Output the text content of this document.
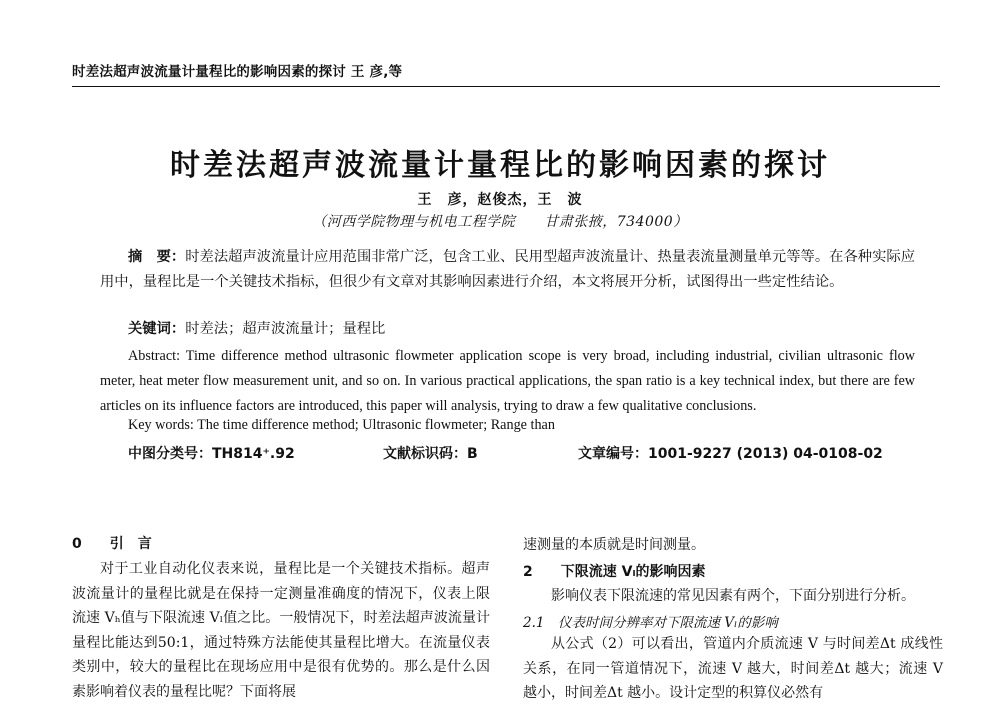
时差法超声波流量计量程比的影响因素的探讨 王 彦,等
时差法超声波流量计量程比的影响因素的探讨
王　彦，赵俊杰，王　波
（河西学院物理与机电工程学院　　甘肃张掖，734000）
摘　要：时差法超声波流量计应用范围非常广泛，包含工业、民用型超声波流量计、热量表流量测量单元等等。在各种实际应用中，量程比是一个关键技术指标，但很少有文章对其影响因素进行介绍，本文将展开分析，试图得出一些定性结论。
关键词：时差法；超声波流量计；量程比
Abstract: Time difference method ultrasonic flowmeter application scope is very broad, including industrial, civilian ultrasonic flow meter, heat meter flow measurement unit, and so on. In various practical applications, the span ratio is a key technical index, but there are few articles on its influence factors are introduced, this paper will analysis, trying to draw a few qualitative conclusions.
Key words: The time difference method; Ultrasonic flowmeter; Range than
中图分类号：TH814⁺.92	文献标识码：B	文章编号：1001-9227 (2013) 04-0108-02
0　　引　言
对于工业自动化仪表来说，量程比是一个关键技术指标。超声波流量计的量程比就是在保持一定测量准确度的情况下，仪表上限流速 Vₕ值与下限流速 Vₗ值之比。一般情况下，时差法超声波流量计量程比能达到50:1，通过特殊方法能使其量程比增大。在流量仪表类别中，较大的量程比在现场应用中是很有优势的。那么是什么因素影响着仪表的量程比呢？下面将展
速测量的本质就是时间测量。
2　　下限流速 Vₗ的影响因素
影响仪表下限流速的常见因素有两个，下面分别进行分析。
2.1　仪表时间分辨率对下限流速 Vₗ的影响
从公式（2）可以看出，管道内介质流速 V 与时间差Δt 成线性关系，在同一管道情况下，流速 V 越大，时间差Δt 越大；流速 V 越小，时间差Δt 越小。设计定型的积算仪必然有
